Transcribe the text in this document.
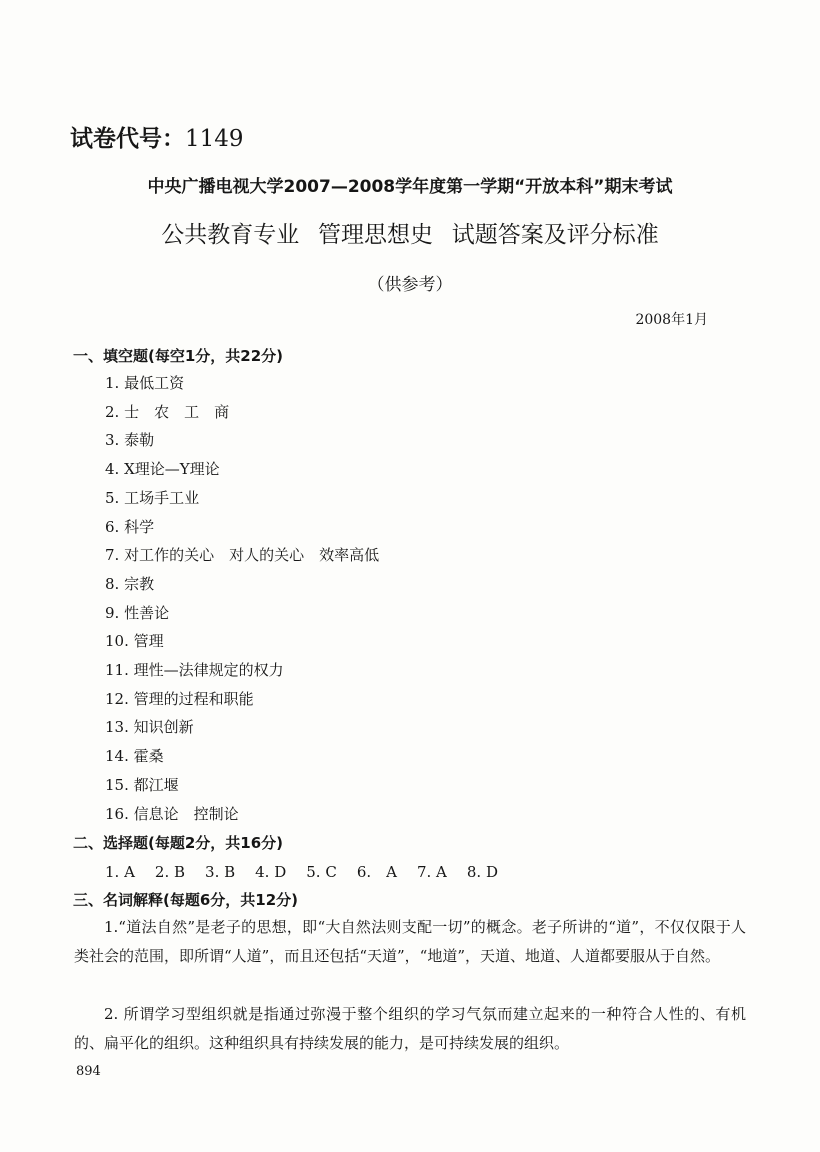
试卷代号：1149
中央广播电视大学2007—2008学年度第一学期“开放本科”期末考试
公共教育专业 管理思想史 试题答案及评分标准
（供参考）
2008年1月
一、填空题(每空1分，共22分)
1. 最低工资
2. 士　农　工　商
3. 泰勒
4. X理论—Y理论
5. 工场手工业
6. 科学
7. 对工作的关心　对人的关心　效率高低
8. 宗教
9. 性善论
10. 管理
11. 理性—法律规定的权力
12. 管理的过程和职能
13. 知识创新
14. 霍桑
15. 都江堰
16. 信息论　控制论
二、选择题(每题2分，共16分)
1. A 2. B 3. B 4. D 5. C 6.　A 7. A 8. D
三、名词解释(每题6分，共12分)
1.“道法自然”是老子的思想，即“大自然法则支配一切”的概念。老子所讲的“道”，不仅仅限于人类社会的范围，即所谓“人道”，而且还包括“天道”，“地道”，天道、地道、人道都要服从于自然。
2. 所谓学习型组织就是指通过弥漫于整个组织的学习气氛而建立起来的一种符合人性的、有机的、扁平化的组织。这种组织具有持续发展的能力，是可持续发展的组织。
894
